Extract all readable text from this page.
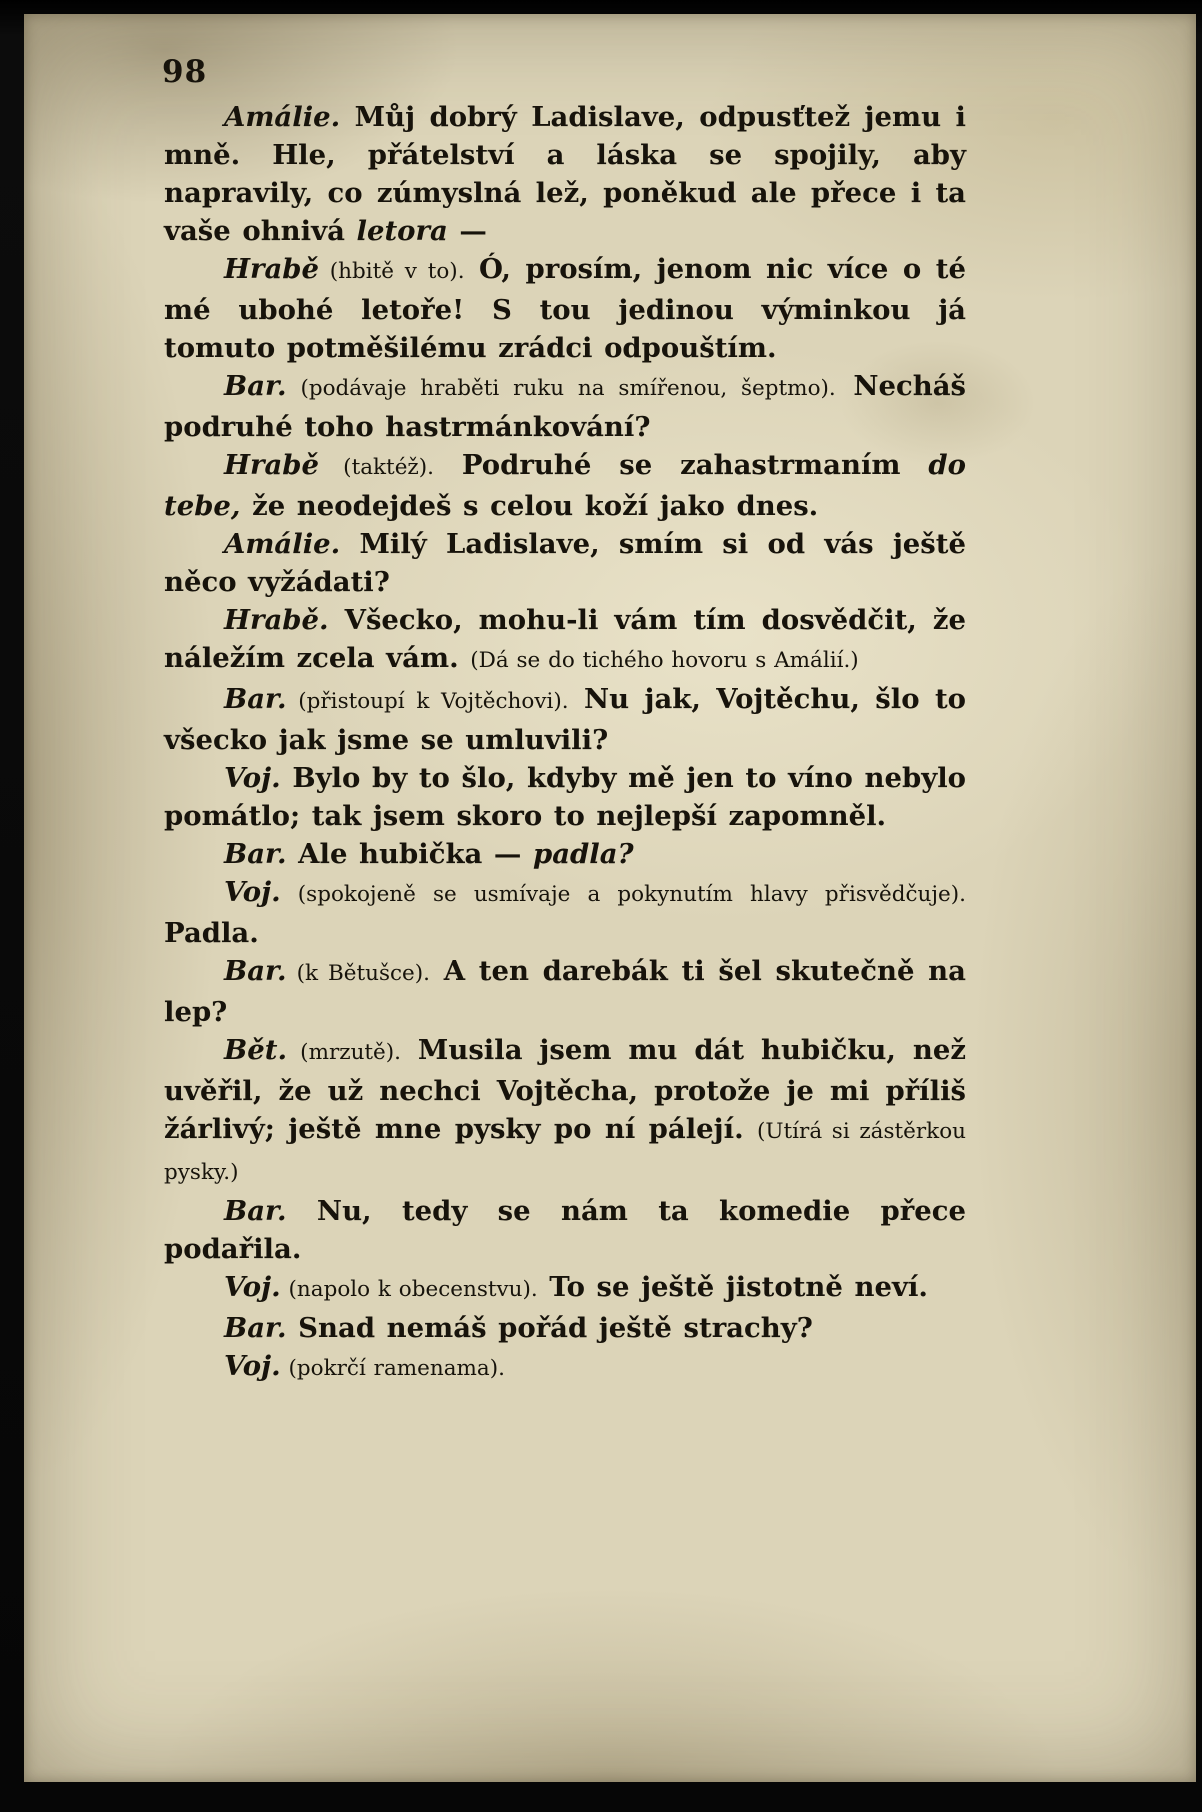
98

Amálie. Můj dobrý Ladislave, odpusťtež jemu i mně. Hle, přátelství a láska se spojily, aby napravily, co zúmyslná lež, poněkud ale přece i ta vaše ohnivá letora —

Hrabě (hbitě v to). Ó, prosím, jenom nic více o té mé ubohé letoře! S tou jedinou výminkou já tomuto potměšilému zrádci odpouštím.

Bar. (podávaje hraběti ruku na smířenou, šeptmo). Necháš podruhé toho hastrmánkování?

Hrabě (taktéž). Podruhé se zahastrmaním do tebe, že neodejdeš s celou koží jako dnes.

Amálie. Milý Ladislave, smím si od vás ještě něco vyžádati?

Hrabě. Všecko, mohu-li vám tím dosvědčit, že náležím zcela vám. (Dá se do tichého hovoru s Amálií.)

Bar. (přistoupí k Vojtěchovi). Nu jak, Vojtěchu, šlo to všecko jak jsme se umluvili?

Voj. Bylo by to šlo, kdyby mě jen to víno nebylo pomátlo; tak jsem skoro to nejlepší zapomněl.

Bar. Ale hubička — padla?

Voj. (spokojeně se usmívaje a pokynutím hlavy přisvědčuje). Padla.

Bar. (k Bětušce). A ten darebák ti šel skutečně na lep?

Bět. (mrzutě). Musila jsem mu dát hubičku, než uvěřil, že už nechci Vojtěcha, protože je mi příliš žárlivý; ještě mne pysky po ní pálejí. (Utírá si zástěrkou pysky.)

Bar. Nu, tedy se nám ta komedie přece podařila.

Voj. (napolo k obecenstvu). To se ještě jistotně neví.

Bar. Snad nemáš pořád ještě strachy?

Voj. (pokrčí ramenama).
